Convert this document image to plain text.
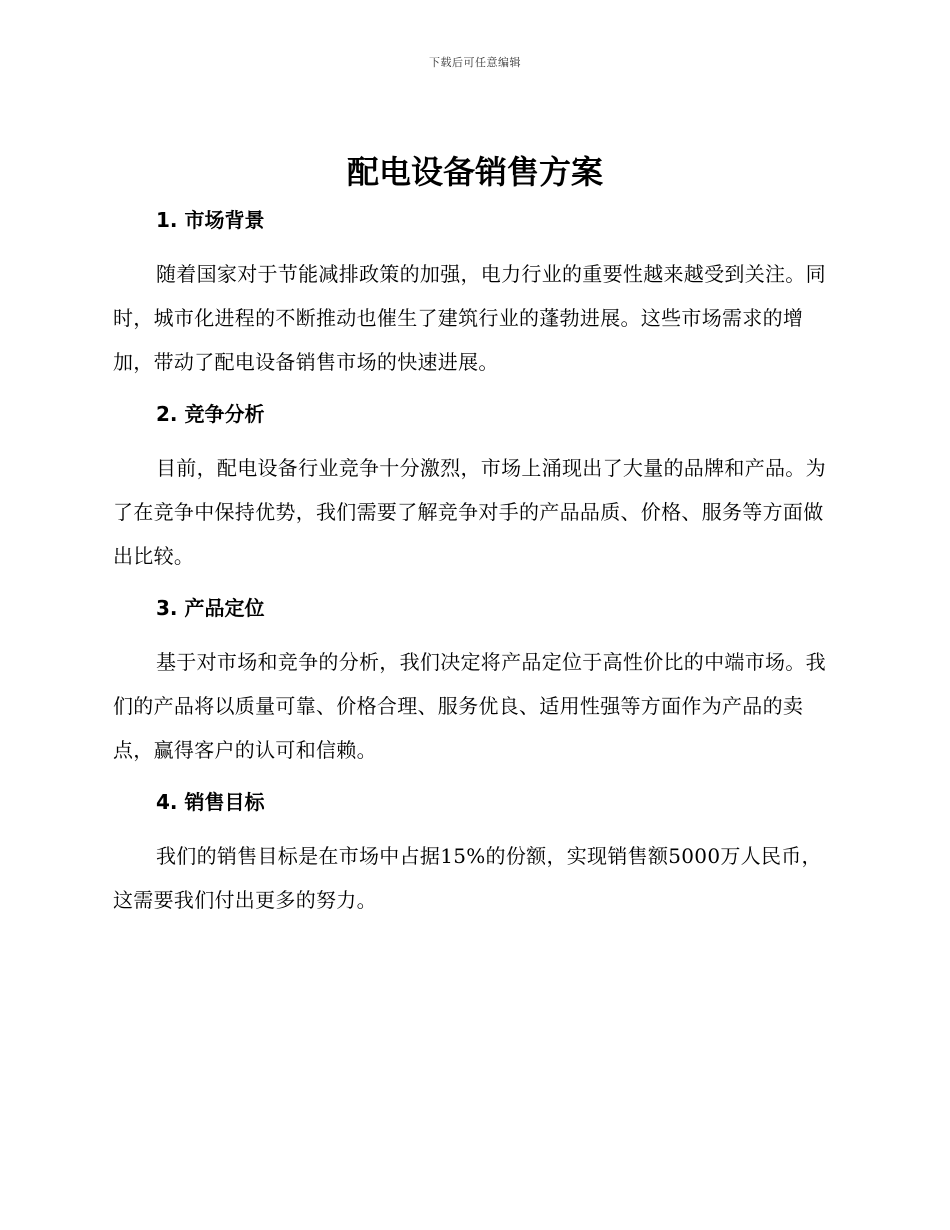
下载后可任意编辑
配电设备销售方案
1. 市场背景

随着国家对于节能减排政策的加强，电力行业的重要性越来越受到关注。同时，城市化进程的不断推动也催生了建筑行业的蓬勃进展。这些市场需求的增加，带动了配电设备销售市场的快速进展。

2. 竞争分析

目前，配电设备行业竞争十分激烈，市场上涌现出了大量的品牌和产品。为了在竞争中保持优势，我们需要了解竞争对手的产品品质、价格、服务等方面做出比较。

3. 产品定位

基于对市场和竞争的分析，我们决定将产品定位于高性价比的中端市场。我们的产品将以质量可靠、价格合理、服务优良、适用性强等方面作为产品的卖点，赢得客户的认可和信赖。

4. 销售目标

我们的销售目标是在市场中占据15%的份额，实现销售额5000万人民币，这需要我们付出更多的努力。
